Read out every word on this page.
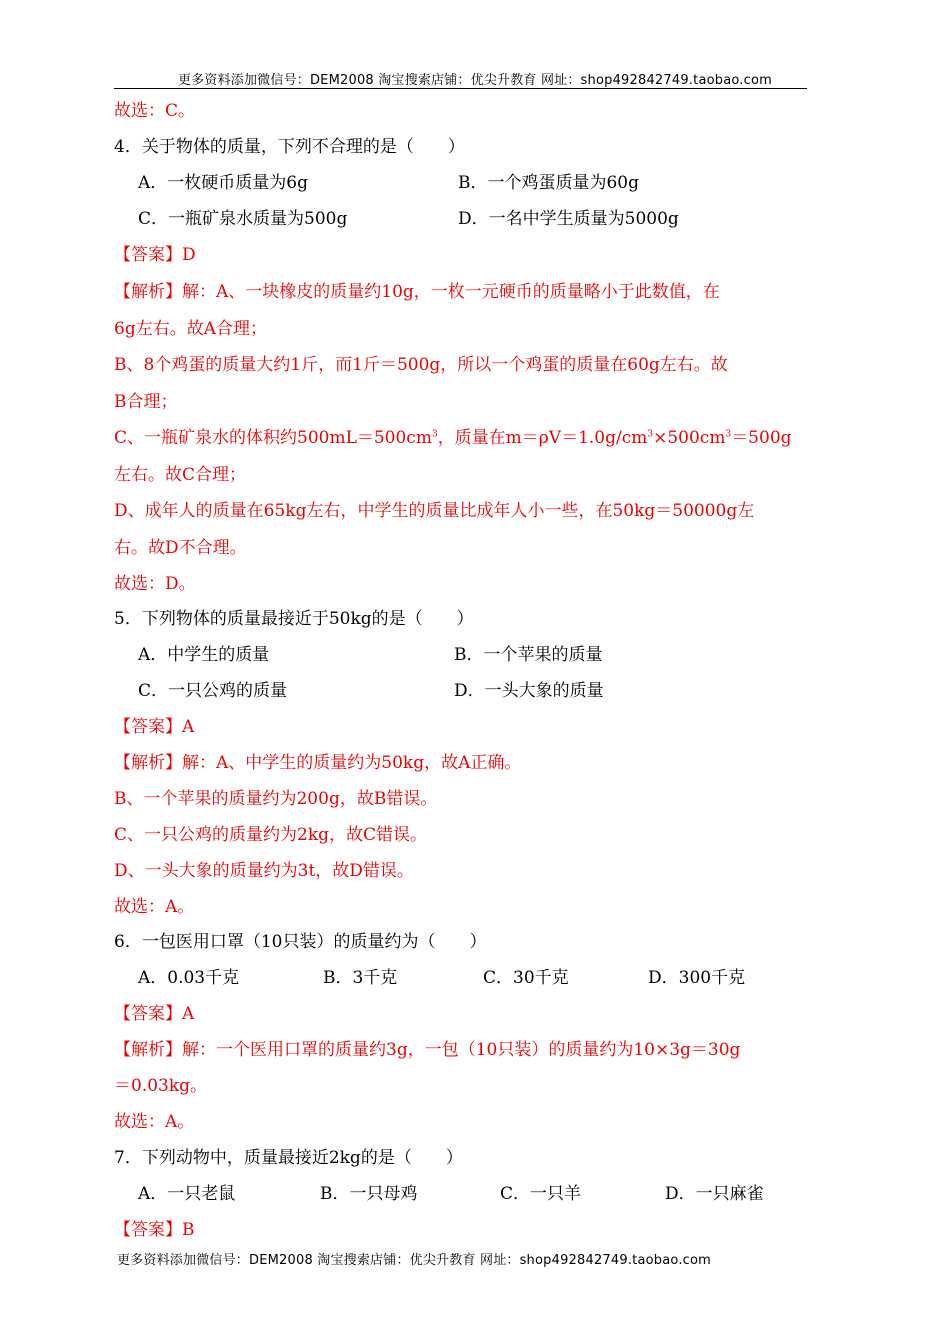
更多资料添加微信号：DEM2008 淘宝搜索店铺：优尖升教育 网址：shop492842749.taobao.com
故选：C。
4．关于物体的质量，下列不合理的是（　　）
A．一枚硬币质量为6g	B．一个鸡蛋质量为60g
C．一瓶矿泉水质量为500g	D．一名中学生质量为5000g
【答案】D
【解析】解：A、一块橡皮的质量约10g，一枚一元硬币的质量略小于此数值，在
6g左右。故A合理；
B、8个鸡蛋的质量大约1斤，而1斤＝500g，所以一个鸡蛋的质量在60g左右。故
B合理；
C、一瓶矿泉水的体积约$500mL=500cm^3$，质量在$m=\rho V=1.0g/cm^3\times 500cm^3=500g$
左右。故C合理；
D、成年人的质量在65kg左右，中学生的质量比成年人小一些，在50kg＝50000g左
右。故D不合理。
故选：D。
5．下列物体的质量最接近于50kg的是（　　）
A．中学生的质量	B．一个苹果的质量
C．一只公鸡的质量	D．一头大象的质量
【答案】A
【解析】解：A、中学生的质量约为50kg，故A正确。
B、一个苹果的质量约为200g，故B错误。
C、一只公鸡的质量约为2kg，故C错误。
D、一头大象的质量约为3t，故D错误。
故选：A。
6．一包医用口罩（10只装）的质量约为（　　）
A．0.03千克	B．3千克	C．30千克	D．300千克
【答案】A
【解析】解：一个医用口罩的质量约3g，一包（10只装）的质量约为10×3g＝30g
＝0.03kg。
故选：A。
7．下列动物中，质量最接近2kg的是（　　）
A．一只老鼠	B．一只母鸡	C．一只羊	D．一只麻雀
【答案】B
更多资料添加微信号：DEM2008 淘宝搜索店铺：优尖升教育 网址：shop492842749.taobao.com
